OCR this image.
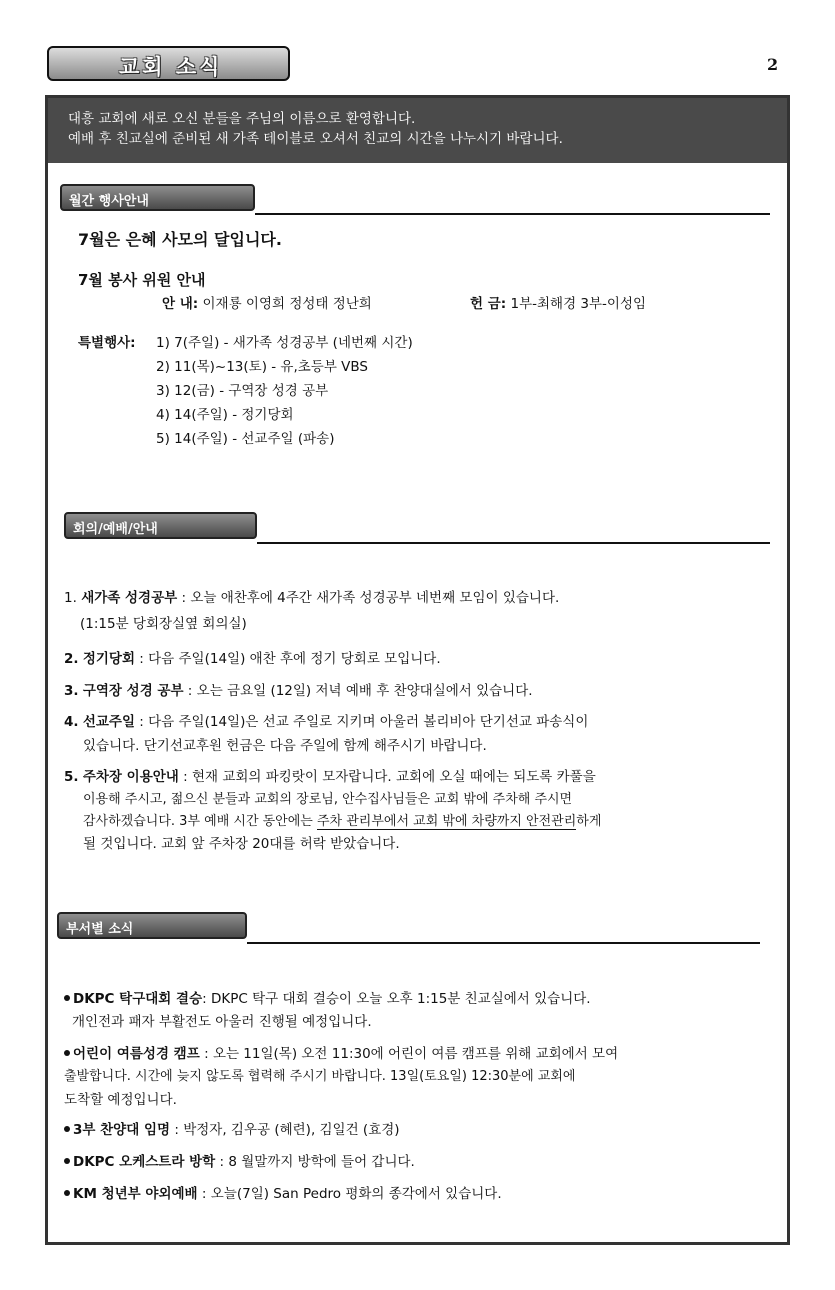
교회 소식	2
대흥 교회에 새로 오신 분들을 주님의 이름으로 환영합니다.
예배 후 친교실에 준비된 새 가족 테이블로 오셔서 친교의 시간을 나누시기 바랍니다.
월간 행사안내
7월은 은혜 사모의 달입니다.
7월 봉사 위원 안내
안 내: 이재룡 이영희 정성태 정난희	헌 금: 1부-최해경 3부-이성임
특별행사: 1) 7(주일) - 새가족 성경공부 (네번째 시간)
2) 11(목)~13(토) - 유,초등부 VBS
3) 12(금) - 구역장 성경 공부
4) 14(주일) - 정기당회
5) 14(주일) - 선교주일 (파송)
회의/예배/안내
1. 새가족 성경공부 : 오늘 애찬후에 4주간 새가족 성경공부 네번째 모임이 있습니다.
(1:15분 당회장실옆 회의실)
2. 정기당회 : 다음 주일(14일) 애찬 후에 정기 당회로 모입니다.
3. 구역장 성경 공부 : 오는 금요일 (12일) 저녁 예배 후 찬양대실에서 있습니다.
4. 선교주일 : 다음 주일(14일)은 선교 주일로 지키며 아울러 볼리비아 단기선교 파송식이
있습니다. 단기선교후원 헌금은 다음 주일에 함께 해주시기 바랍니다.
5. 주차장 이용안내 : 현재 교회의 파킹랏이 모자랍니다. 교회에 오실 때에는 되도록 카풀을
이용해 주시고, 젊으신 분들과 교회의 장로님, 안수집사님들은 교회 밖에 주차해 주시면
감사하겠습니다. 3부 예배 시간 동안에는 주차 관리부에서 교회 밖에 차량까지 안전관리하게
될 것입니다. 교회 앞 주차장 20대를 허락 받았습니다.
부서별 소식
DKPC 탁구대회 결승: DKPC 탁구 대회 결승이 오늘 오후 1:15분 친교실에서 있습니다.
개인전과 패자 부활전도 아울러 진행될 예정입니다.
어린이 여름성경 캠프 : 오는 11일(목) 오전 11:30에 어린이 여름 캠프를 위해 교회에서 모여
출발합니다. 시간에 늦지 않도록 협력해 주시기 바랍니다. 13일(토요일) 12:30분에 교회에
도착할 예정입니다.
3부 찬양대 임명 : 박정자, 김우공 (혜련), 김일건 (효경)
DKPC 오케스트라 방학 : 8 월말까지 방학에 들어 갑니다.
KM 청년부 야외예배 : 오늘(7일) San Pedro 평화의 종각에서 있습니다.
